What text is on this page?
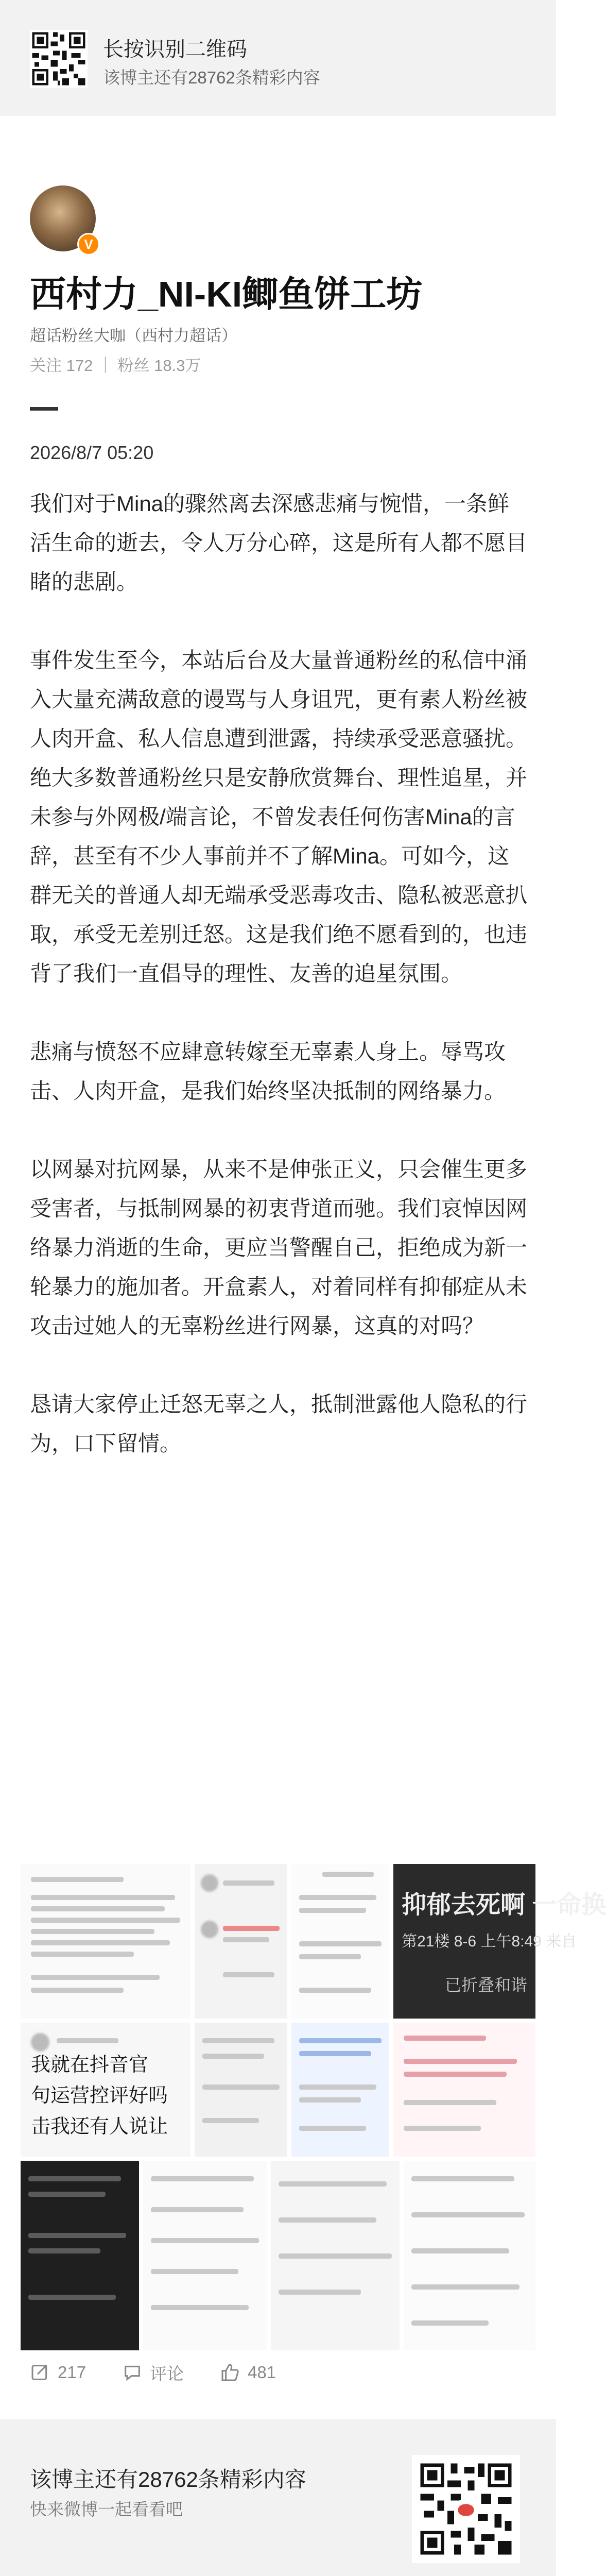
长按识别二维码
该博主还有28762条精彩内容
V
西村力_NI-KI鲫鱼饼工坊
超话粉丝大咖（西村力超话）
关注 172 ｜ 粉丝 18.3万
2026/8/7 05:20

我们对于Mina的骤然离去深感悲痛与惋惜，一条鲜活生命的逝去，令人万分心碎，这是所有人都不愿目睹的悲剧。

事件发生至今，本站后台及大量普通粉丝的私信中涌入大量充满敌意的谩骂与人身诅咒，更有素人粉丝被人肉开盒、私人信息遭到泄露，持续承受恶意骚扰。绝大多数普通粉丝只是安静欣赏舞台、理性追星，并未参与外网极/端言论，不曾发表任何伤害Mina的言辞，甚至有不少人事前并不了解Mina。可如今，这群无关的普通人却无端承受恶毒攻击、隐私被恶意扒取，承受无差别迁怒。这是我们绝不愿看到的，也违背了我们一直倡导的理性、友善的追星氛围。

悲痛与愤怒不应肆意转嫁至无辜素人身上。辱骂攻击、人肉开盒，是我们始终坚决抵制的网络暴力。

以网暴对抗网暴，从来不是伸张正义，只会催生更多受害者，与抵制网暴的初衷背道而驰。我们哀悼因网络暴力消逝的生命，更应当警醒自己，拒绝成为新一轮暴力的施加者。开盒素人，对着同样有抑郁症从未攻击过她人的无辜粉丝进行网暴，这真的对吗？

恳请大家停止迁怒无辜之人，抵制泄露他人隐私的行为，口下留情。

抑郁去死啊 一命换
第21楼 8-6 上午8:49 来自
已折叠和谐
我就在抖音官
句运营控评好吗
击我还有人说让
217	评论	481
该博主还有28762条精彩内容
快来微博一起看看吧
